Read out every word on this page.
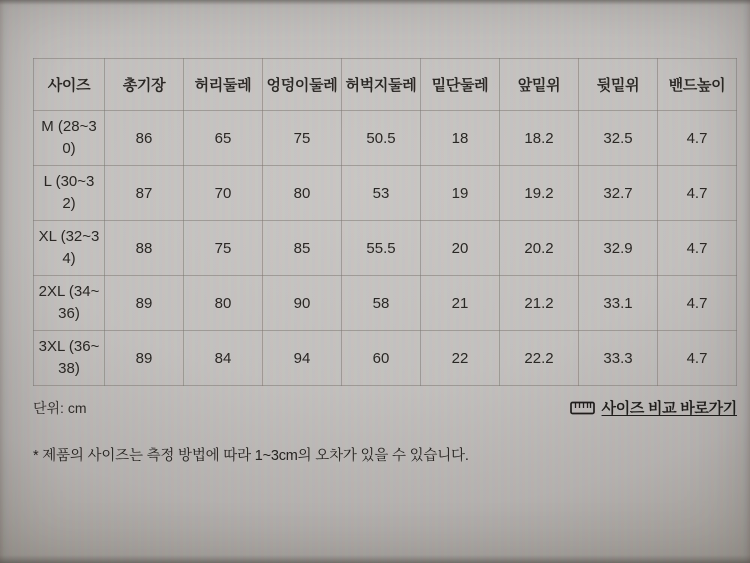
사이즈	총기장	허리둘레	엉덩이둘레	허벅지둘레	밑단둘레	앞밑위	뒷밑위	밴드높이
M (28~30)	86	65	75	50.5	18	18.2	32.5	4.7
L (30~32)	87	70	80	53	19	19.2	32.7	4.7
XL (32~34)	88	75	85	55.5	20	20.2	32.9	4.7
2XL (34~36)	89	80	90	58	21	21.2	33.1	4.7
3XL (36~38)	89	84	94	60	22	22.2	33.3	4.7
단위: cm	사이즈 비교 바로가기
* 제품의 사이즈는 측정 방법에 따라 1~3cm의 오차가 있을 수 있습니다.
